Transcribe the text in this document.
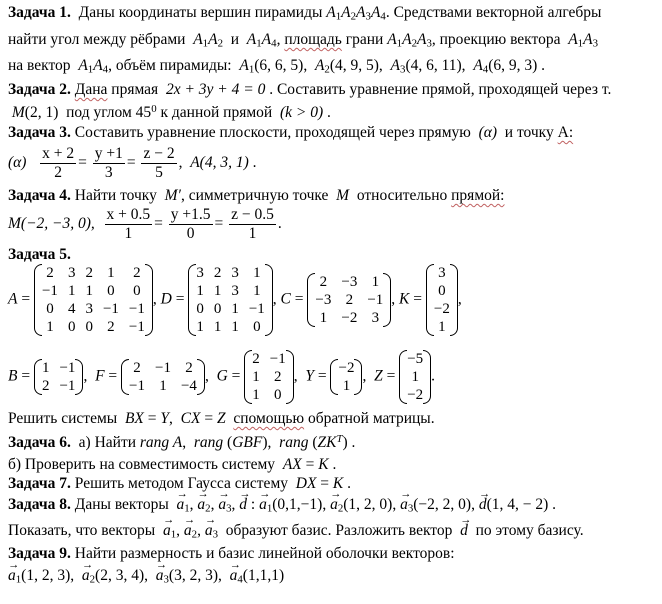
Задача 1. Даны координаты вершин пирамиды $A_1A_2A_3A_4$. Средствами векторной алгебры
найти угол между рёбрами $A_1A_2$ и $A_1A_4$, площадь грани $A_1A_2A_3$, проекцию вектора $A_1A_3$
на вектор $A_1A_4$, объём пирамиды: $A_1(6$, 6, 5), $A_2(4$, 9, 5), $A_3(4$, 6, 11), $A_4(6$, 9, 3) .
Задача 2. Дана прямая 2x + 3y + 4 = 0 . Составить уравнение прямой, проходящей через т.
M(2, 1) под углом $45^0$ к данной прямой (k > 0) .
Задача 3. Составить уравнение плоскости, проходящей через прямую (α) и точку А:
$(\alpha) \frac{x + 2}{2} = \frac{y +1}{3} = \frac{z - 2}{5}$ ,  A(4, 3, 1) .
Задача 4. Найти точку M′, симметричную точке M относительно прямой:
M(−2, −3, 0), $\frac{x + 0.5}{1} = \frac{y +1.5}{0} = \frac{z - 0.5}{1}$ .
Задача 5.
A =
2	3	2	1	2
−1	1	1	0	0
0	4	3	−1	−1
1	0	0	2	−1
, D =
3	2	3	1
1	1	3	1
0	0	1	−1
1	1	1	0
, C =
2	−3	1
−3	2	−1
1	−2	3
, K =
3
0
−2
1
,
B = 1	−1
2	−1
,  F = 2	−1	2
−1	1	−4
,  G =
2	−1
1	2
1	0
,  Y = −2
1
,  Z =
−5
1
−2
.
Решить системы BX = Y,  CX = Z спомощью обратной матрицы.
Задача 6. а) Найти rang A,  rang (GBF),  rang $(ZK^T)$ .
б) Проверить на совместимость систему AX = K .
Задача 7. Решить методом Гаусса систему DX = K .
Задача 8. Даны векторы → $a_1$, → $a_2$, → $a_3$, → d : → $a_1(0,1,-1)$, → $a_2(1$, 2, 0), → $a_3(-2$, 2, 0), → d(1, 4, − 2) .
Показать, что векторы → $a_1$, → $a_2$, → $a_3$ образуют базис. Разложить вектор → d по этому базису.
Задача 9. Найти размерность и базис линейной оболочки векторов:
→ $a_1(1$, 2, 3),  → $a_2(2$, 3, 4),  → $a_3(3$, 2, 3),  → $a_4(1,1,1)$
